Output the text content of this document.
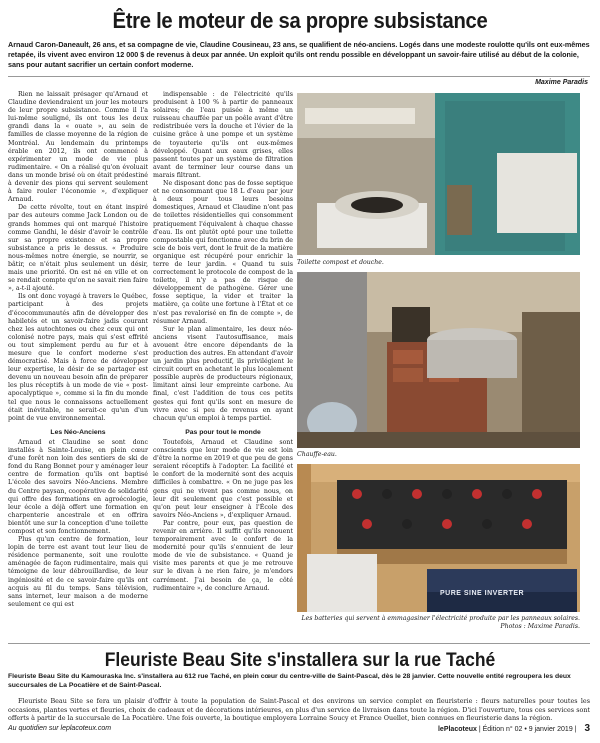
Être le moteur de sa propre subsistance
Arnaud Caron-Daneault, 26 ans, et sa compagne de vie, Claudine Cousineau, 23 ans, se qualifient de néo-anciens. Logés dans une modeste roulotte qu'ils ont eux-mêmes retapée, ils vivent avec environ 12 000 $ de revenus à deux par année. Un exploit qu'ils ont rendu possible en développant un savoir-faire utilisé au début de la colonie, sans pour autant sacrifier un certain confort moderne.
Maxime Paradis

Rien ne laissait présager qu'Arnaud et Claudine deviendraient un jour les moteurs de leur propre subsistance. Comme il l'a lui-même souligné, ils ont tous les deux grandi dans la « ouate », au sein de familles de classe moyenne de la région de Montréal. Au lendemain du printemps érable en 2012, ils ont commencé à expérimenter un mode de vie plus rudimentaire. « On a réalisé qu'on évoluait dans un monde brisé où on était prédestiné à devenir des pions qui servent seulement à faire rouler l'économie », d'expliquer Arnaud.

De cette révolte, tout en étant inspiré par des auteurs comme Jack London ou de grands hommes qui ont marqué l'histoire comme Gandhi, le désir d'avoir le contrôle sur sa propre existence et sa propre subsistance a pris le dessus. « Produire nous-mêmes notre énergie, se nourrir, se bâtir, ce n'était plus seulement un désir, mais une priorité. On est né en ville et on se rendait compte qu'on ne savait rien faire », a-t-il ajouté.

Ils ont donc voyagé à travers le Québec, participant à des projets d'écocommunautés afin de développer des habiletés et un savoir-faire jadis courant chez les autochtones ou chez ceux qui ont colonisé notre pays, mais qui s'est effrité ou tout simplement perdu au fur et à mesure que le confort moderne s'est démocratisé. Mais à force de développer leur expertise, le désir de se partager est devenu un nouveau besoin afin de préparer les plus réceptifs à un mode de vie « post-apocalyptique », comme si la fin du monde tel que nous le connaissons actuellement était inévitable, ne serait-ce qu'un d'un point de vue environnemental.

Les Néo-Anciens

Arnaud et Claudine se sont donc installés à Sainte-Louise, en plein cœur d'une forêt non loin des sentiers de ski de fond du Rang Bonnet pour y aménager leur centre de formation qu'ils ont baptisé L'école des savoirs Néo-Anciens. Membre du Centre paysan, coopérative de solidarité qui offre des formations en agroécologie, leur école a déjà offert une formation en charpenterie ancestrale et en offrira bientôt une sur la conception d'une toilette compost et son fonctionnement.

Plus qu'un centre de formation, leur lopin de terre est avant tout leur lieu de résidence permanente, soit une roulotte aménagée de façon rudimentaire, mais qui témoigne de leur débrouillardise, de leur ingéniosité et de ce savoir-faire qu'ils ont acquis au fil du temps. Sans télévision, sans internet, leur maison a de moderne seulement ce qui est

indispensable : de l'électricité qu'ils produisent à 100 % à partir de panneaux solaires; de l'eau puisée à même un ruisseau chauffée par un poêle avant d'être redistribuée vers la douche et l'évier de la cuisine grâce à une pompe et un système de toyauterie qu'ils ont eux-mêmes développé. Quant aux eaux grises, elles passent toutes par un système de filtration avant de terminer leur course dans un marais filtrant.

Ne disposant donc pas de fosse septique et ne consommant que 18 L d'eau par jour à deux pour tous leurs besoins domestiques, Arnaud et Claudine n'ont pas de toilettes résidentielles qui consomment pratiquement l'équivalent à chaque chasse d'eau. Ils ont plutôt opté pour une toilette compostable qui fonctionne avec du brin de scie de bois vert, dont le fruit de la matière organique est récupéré pour enrichir la terre de leur jardin. « Quand tu suis correctement le protocole de compost de la toilette, il n'y a pas de risque de développement de pathogène. Gérer une fosse septique, la vider et traiter la matière, ça coûte une fortune à l'État et ce n'est pas revalorisé en fin de compte », de résumer Arnaud.

Sur le plan alimentaire, les deux néo-anciens visent l'autosuffisance, mais avouent être encore dépendants de la production des autres. En attendant d'avoir un jardin plus productif, ils privilégient le circuit court en achetant le plus localement possible auprès de producteurs régionaux, limitant ainsi leur empreinte carbone. Au final, c'est l'addition de tous ces petits gestes qui font qu'ils sont en mesure de vivre avec si peu de revenus en ayant chacun qu'un emploi à temps partiel.

Pas pour tout le monde

Toutefois, Arnaud et Claudine sont conscients que leur mode de vie est loin d'être la norme en 2019 et que peu de gens seraient réceptifs à l'adopter. La facilité et le confort de la modernité sont des acquis difficiles à combattre. « On ne juge pas les gens qui ne vivent pas comme nous, on leur dit seulement que c'est possible et qu'on peut leur enseigner à l'École des savoirs Néo-Anciens », d'expliquer Arnaud.

Par contre, pour eux, pas question de revenir en arrière. Il suffit qu'ils renouent temporairement avec le confort de la modernité pour qu'ils s'ennuient de leur mode de vie de subsistance. « Quand je visite mes parents et que je me retrouve sur le divan à ne rien faire, je m'endors carrément. J'ai besoin de ça, le côté rudimentaire », de conclure Arnaud.

Toilette compost et douche.
Chauffe-eau.
PURE SINE INVERTER
Les batteries qui servent à emmagasiner l'électricité produite par les panneaux solaires. Photos : Maxime Paradis.
Fleuriste Beau Site s'installera sur la rue Taché
Fleuriste Beau Site du Kamouraska Inc. s'installera au 612 rue Taché, en plein cœur du centre-ville de Saint-Pascal, dès le 28 janvier. Cette nouvelle entité regroupera les deux succursales de La Pocatière et de Saint-Pascal.
Fleuriste Beau Site se fera un plaisir d'offrir à toute la population de Saint-Pascal et des environs un service complet en fleuristerie : fleurs naturelles pour toutes les occasions, plantes vertes et fleuries, choix de cadeaux et de décorations intérieures, en plus d'un service de livraison dans toute la région. D'ici l'ouverture, tous ces services sont offerts à partir de la succursale de La Pocatière. Une fois ouverte, la boutique employera Lorraine Soucy et France Ouellet, bien connues en fleuristerie dans la région.
Au quotidien sur leplacoteux.com	lePlacoteux | Édition n° 02 • 9 janvier 2019 | 3
